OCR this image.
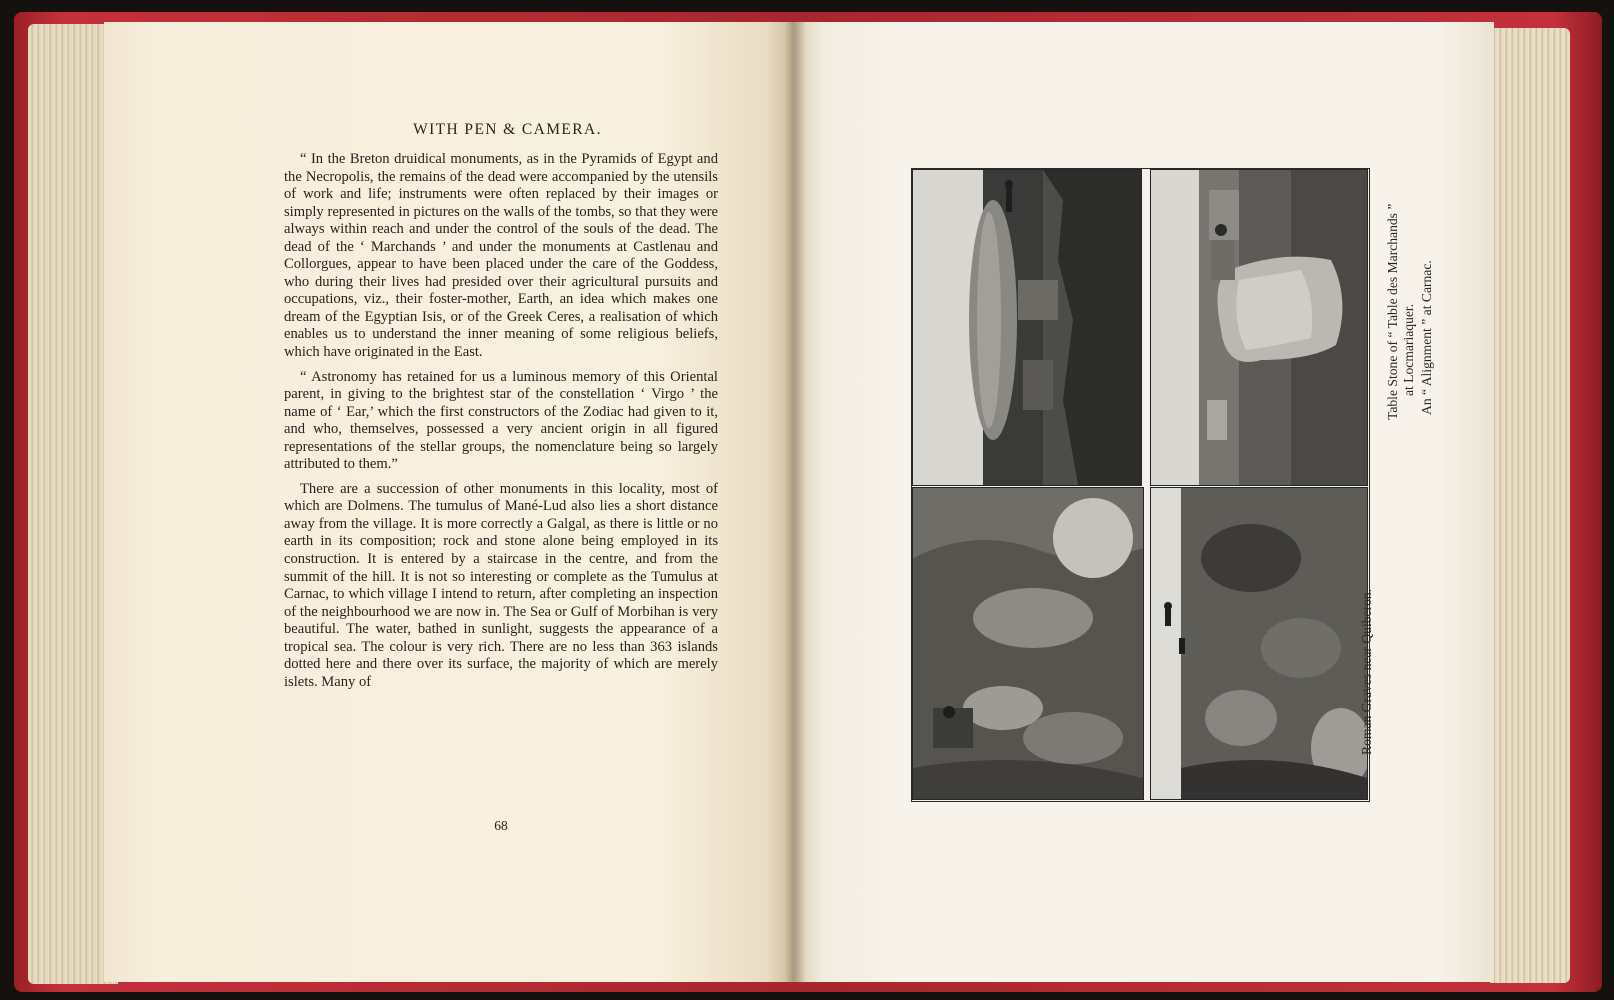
WITH PEN & CAMERA.

“ In the Breton druidical monuments, as in the Pyramids of Egypt and the Necropolis, the remains of the dead were accompanied by the utensils of work and life; instruments were often replaced by their images or simply represented in pictures on the walls of the tombs, so that they were always within reach and under the control of the souls of the dead. The dead of the ‘ Marchands ’ and under the monuments at Castlenau and Collorgues, appear to have been placed under the care of the Goddess, who during their lives had presided over their agricultural pursuits and occupations, viz., their foster-mother, Earth, an idea which makes one dream of the Egyptian Isis, or of the Greek Ceres, a realisation of which enables us to understand the inner meaning of some religious beliefs, which have originated in the East.

“ Astronomy has retained for us a luminous memory of this Oriental parent, in giving to the brightest star of the constellation ‘ Virgo ’ the name of ‘ Ear,’ which the first constructors of the Zodiac had given to it, and who, themselves, possessed a very ancient origin in all figured representations of the stellar groups, the nomenclature being so largely attributed to them.”

There are a succession of other monuments in this locality, most of which are Dolmens. The tumulus of Mané-Lud also lies a short distance away from the village. It is more correctly a Galgal, as there is little or no earth in its composition; rock and stone alone being employed in its construction. It is entered by a staircase in the centre, and from the summit of the hill. It is not so interesting or complete as the Tumulus at Carnac, to which village I intend to return, after completing an inspection of the neighbourhood we are now in. The Sea or Gulf of Morbihan is very beautiful. The water, bathed in sunlight, suggests the appearance of a tropical sea. The colour is very rich. There are no less than 363 islands dotted here and there over its surface, the majority of which are merely islets. Many of

68
Table Stone of “ Table des Marchands ” at Locmariaquer. An “ Alignment ” at Carnac.
Roman Graves near Quiberon.
